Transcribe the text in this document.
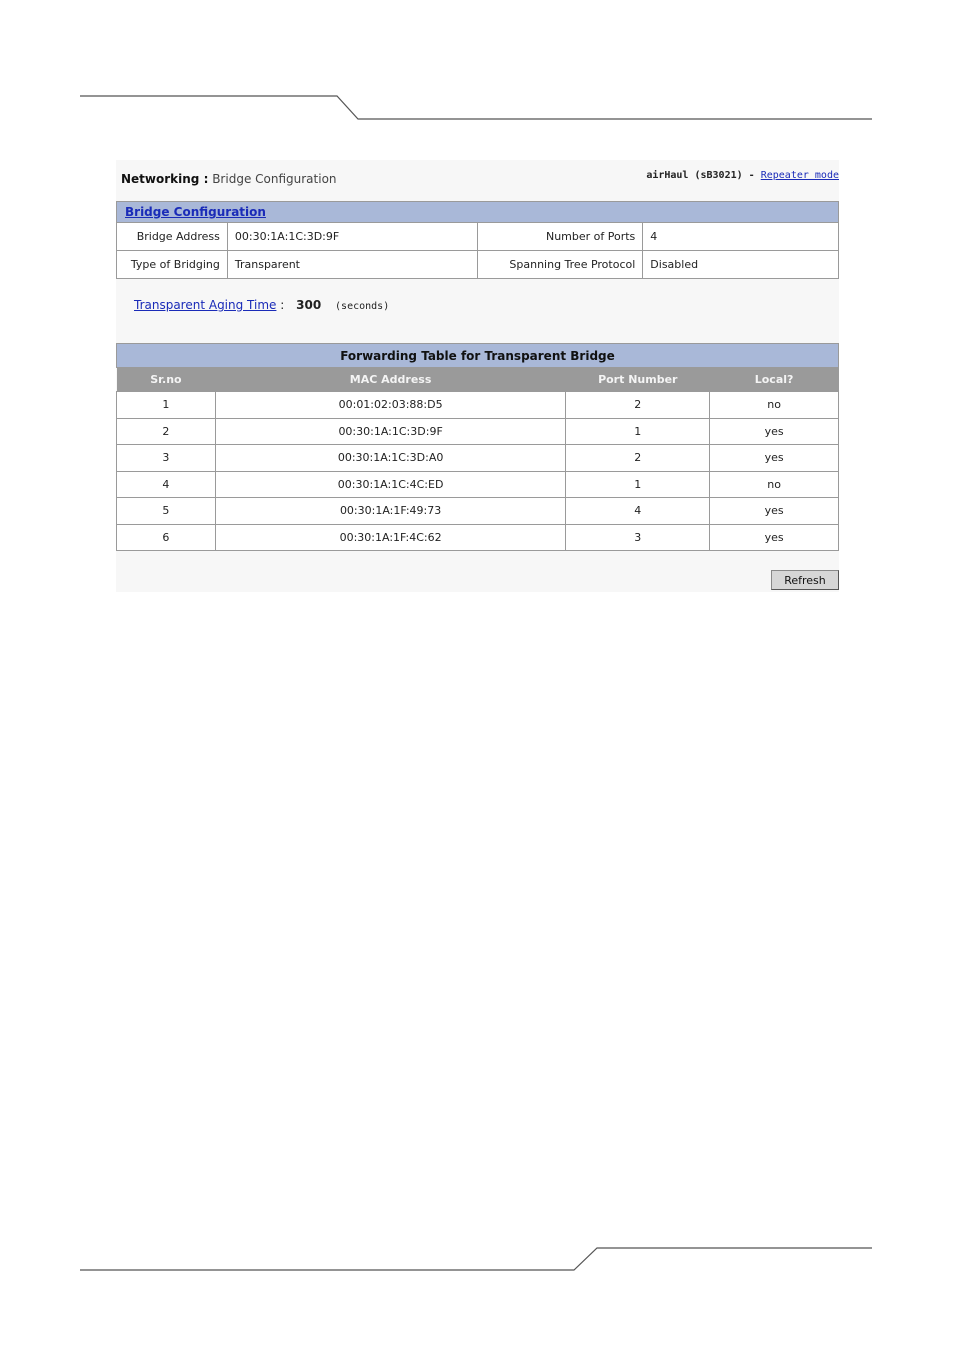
Networking : Bridge Configuration	airHaul (sB3021) - Repeater mode
Bridge Configuration			
Bridge Address	00:30:1A:1C:3D:9F	Number of Ports	4
Type of Bridging	Transparent	Spanning Tree Protocol	Disabled
Transparent Aging Time : 300 (seconds)
Forwarding Table for Transparent Bridge			
Sr.no	MAC Address	Port Number	Local?
1	00:01:02:03:88:D5	2	no
2	00:30:1A:1C:3D:9F	1	yes
3	00:30:1A:1C:3D:A0	2	yes
4	00:30:1A:1C:4C:ED	1	no
5	00:30:1A:1F:49:73	4	yes
6	00:30:1A:1F:4C:62	3	yes
Refresh
